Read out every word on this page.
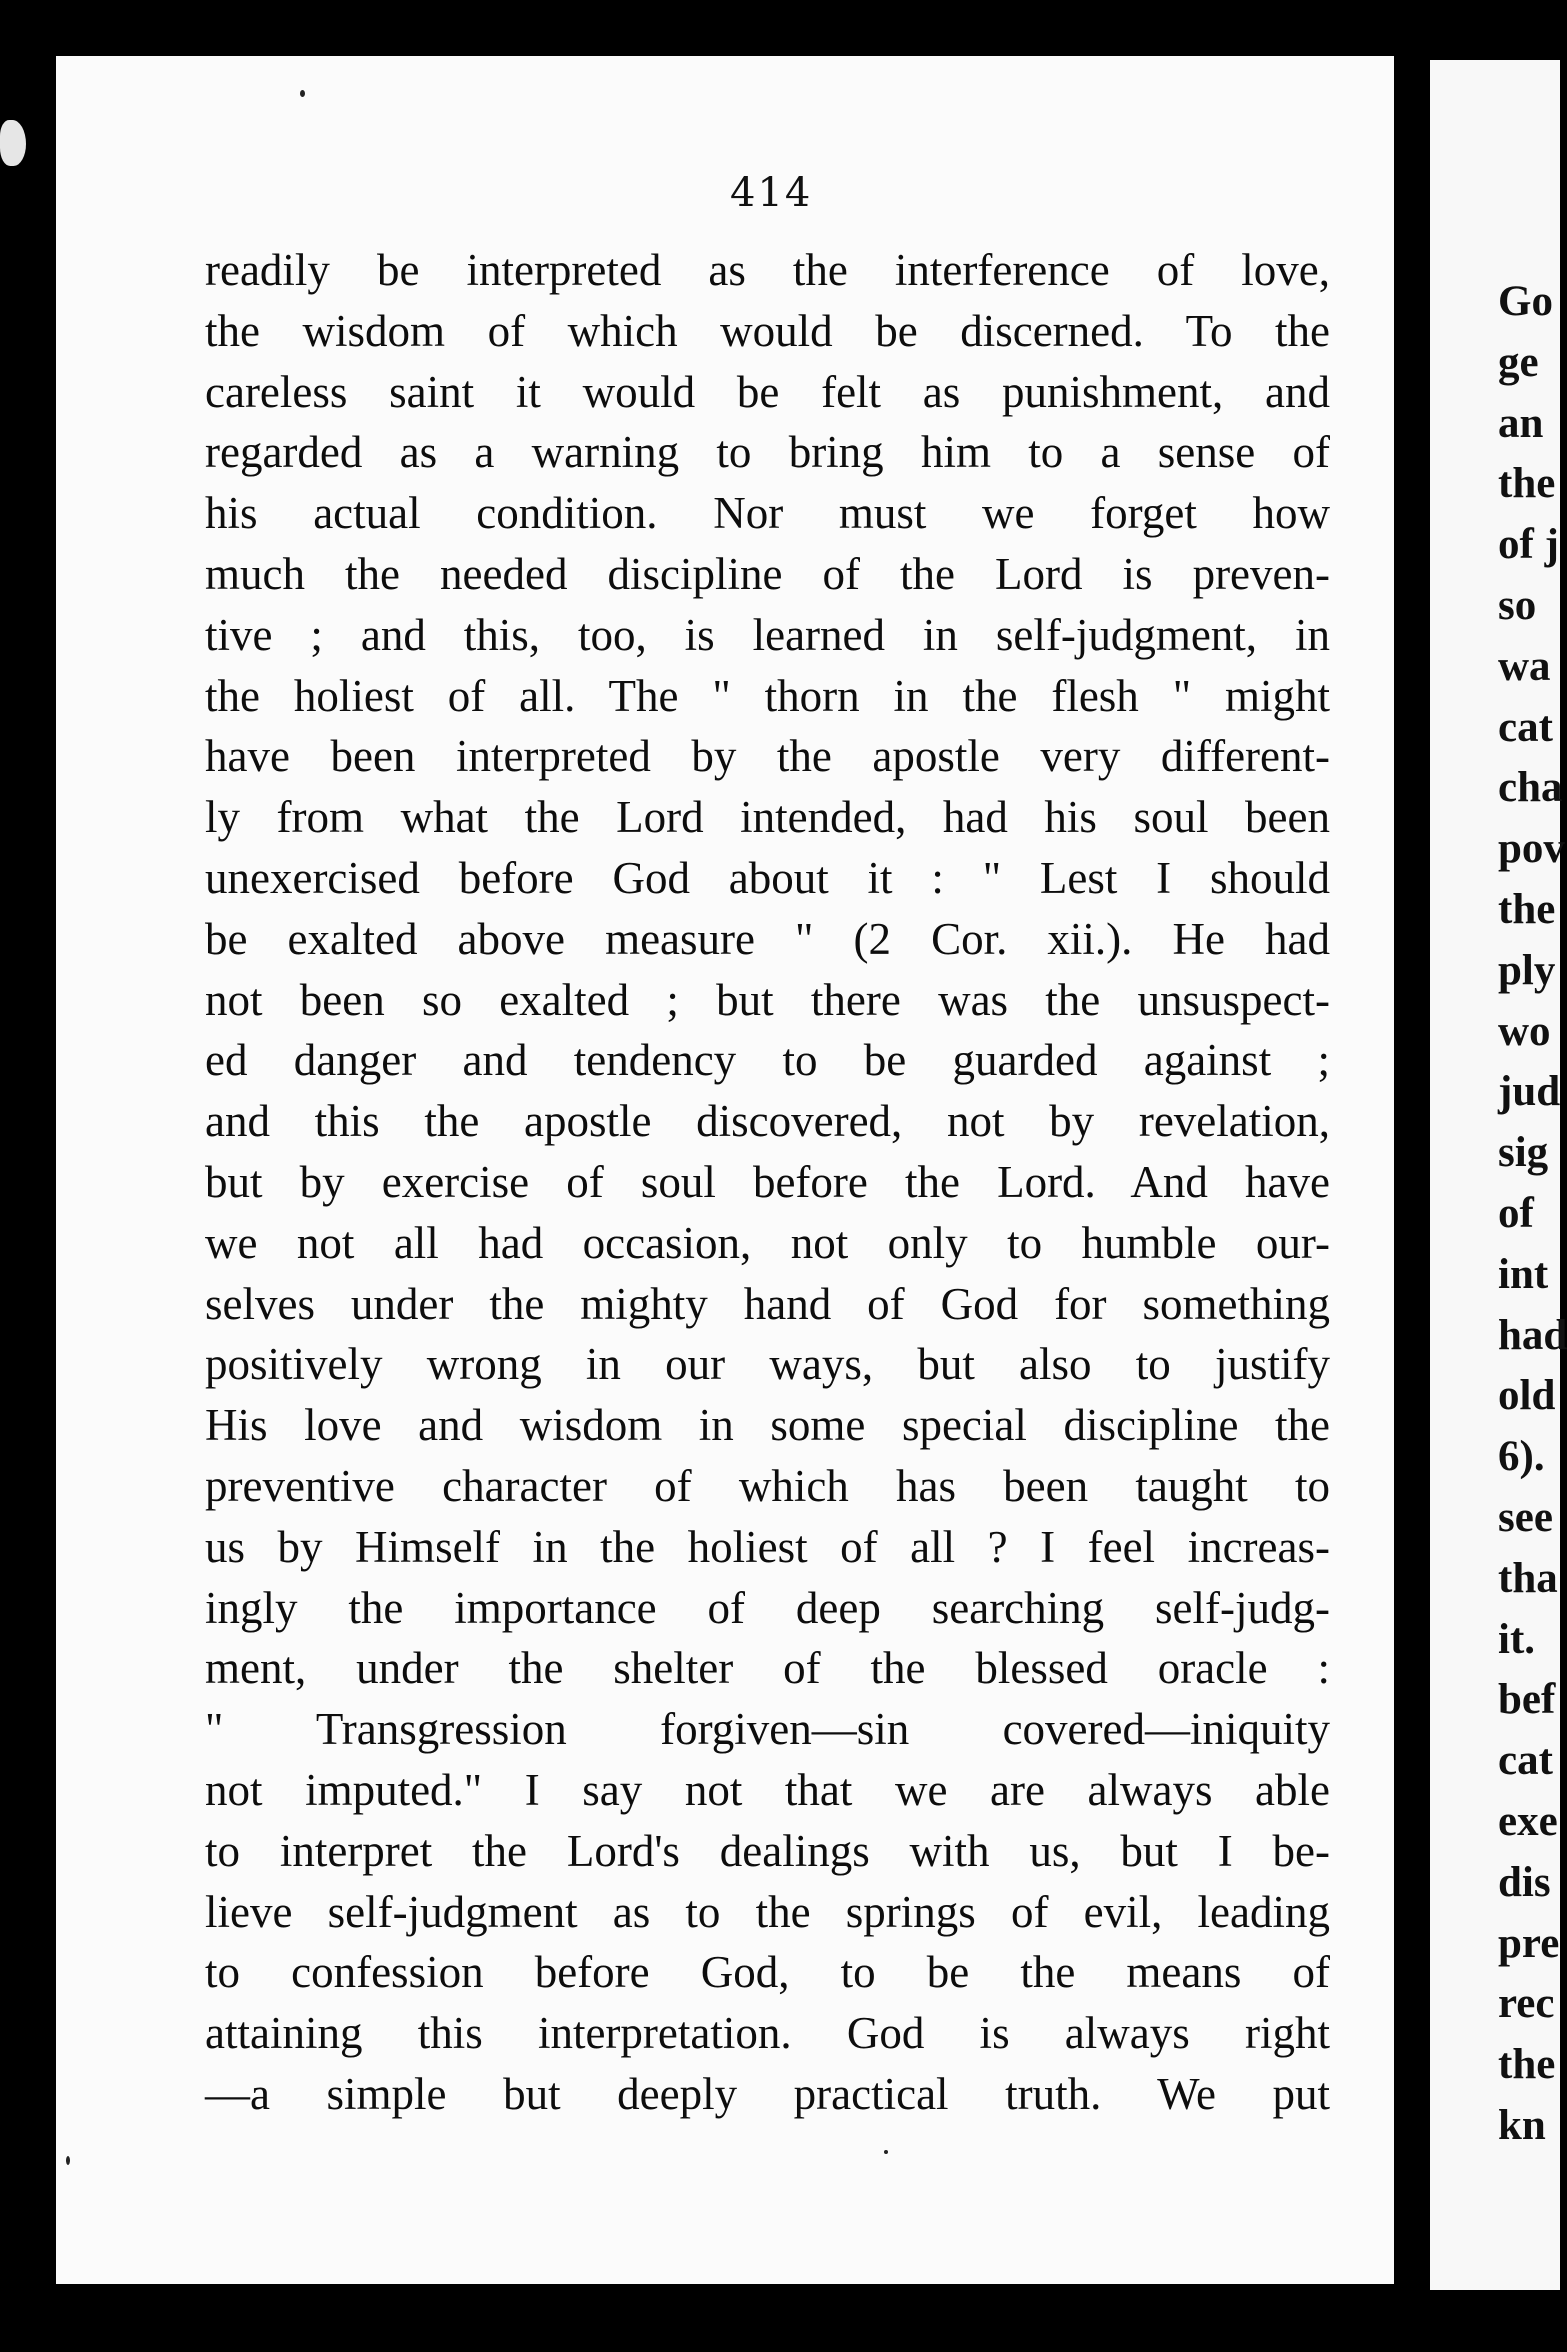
414
readily be interpreted as the interference of love,
the wisdom of which would be discerned. To the
careless saint it would be felt as punishment, and
regarded as a warning to bring him to a sense of
his actual condition. Nor must we forget how
much the needed discipline of the Lord is preven-
tive ; and this, too, is learned in self-judgment, in
the holiest of all. The " thorn in the flesh " might
have been interpreted by the apostle very different-
ly from what the Lord intended, had his soul been
unexercised before God about it : " Lest I should
be exalted above measure " (2 Cor. xii.). He had
not been so exalted ; but there was the unsuspect-
ed danger and tendency to be guarded against ;
and this the apostle discovered, not by revelation,
but by exercise of soul before the Lord. And have
we not all had occasion, not only to humble our-
selves under the mighty hand of God for something
positively wrong in our ways, but also to justify
His love and wisdom in some special discipline the
preventive character of which has been taught to
us by Himself in the holiest of all ? I feel increas-
ingly the importance of deep searching self-judg-
ment, under the shelter of the blessed oracle :
" Transgression forgiven—sin covered—iniquity
not imputed." I say not that we are always able
to interpret the Lord's dealings with us, but I be-
lieve self-judgment as to the springs of evil, leading
to confession before God, to be the means of
attaining this interpretation. God is always right
—a simple but deeply practical truth. We put
Go
ge
an
the
of j
so
wa
cat
cha
pov
the
ply
wo
jud
sig
of
int
had
old
6).
see
tha
it.
bef
cat
exe
dis
pre
rec
the
kn
